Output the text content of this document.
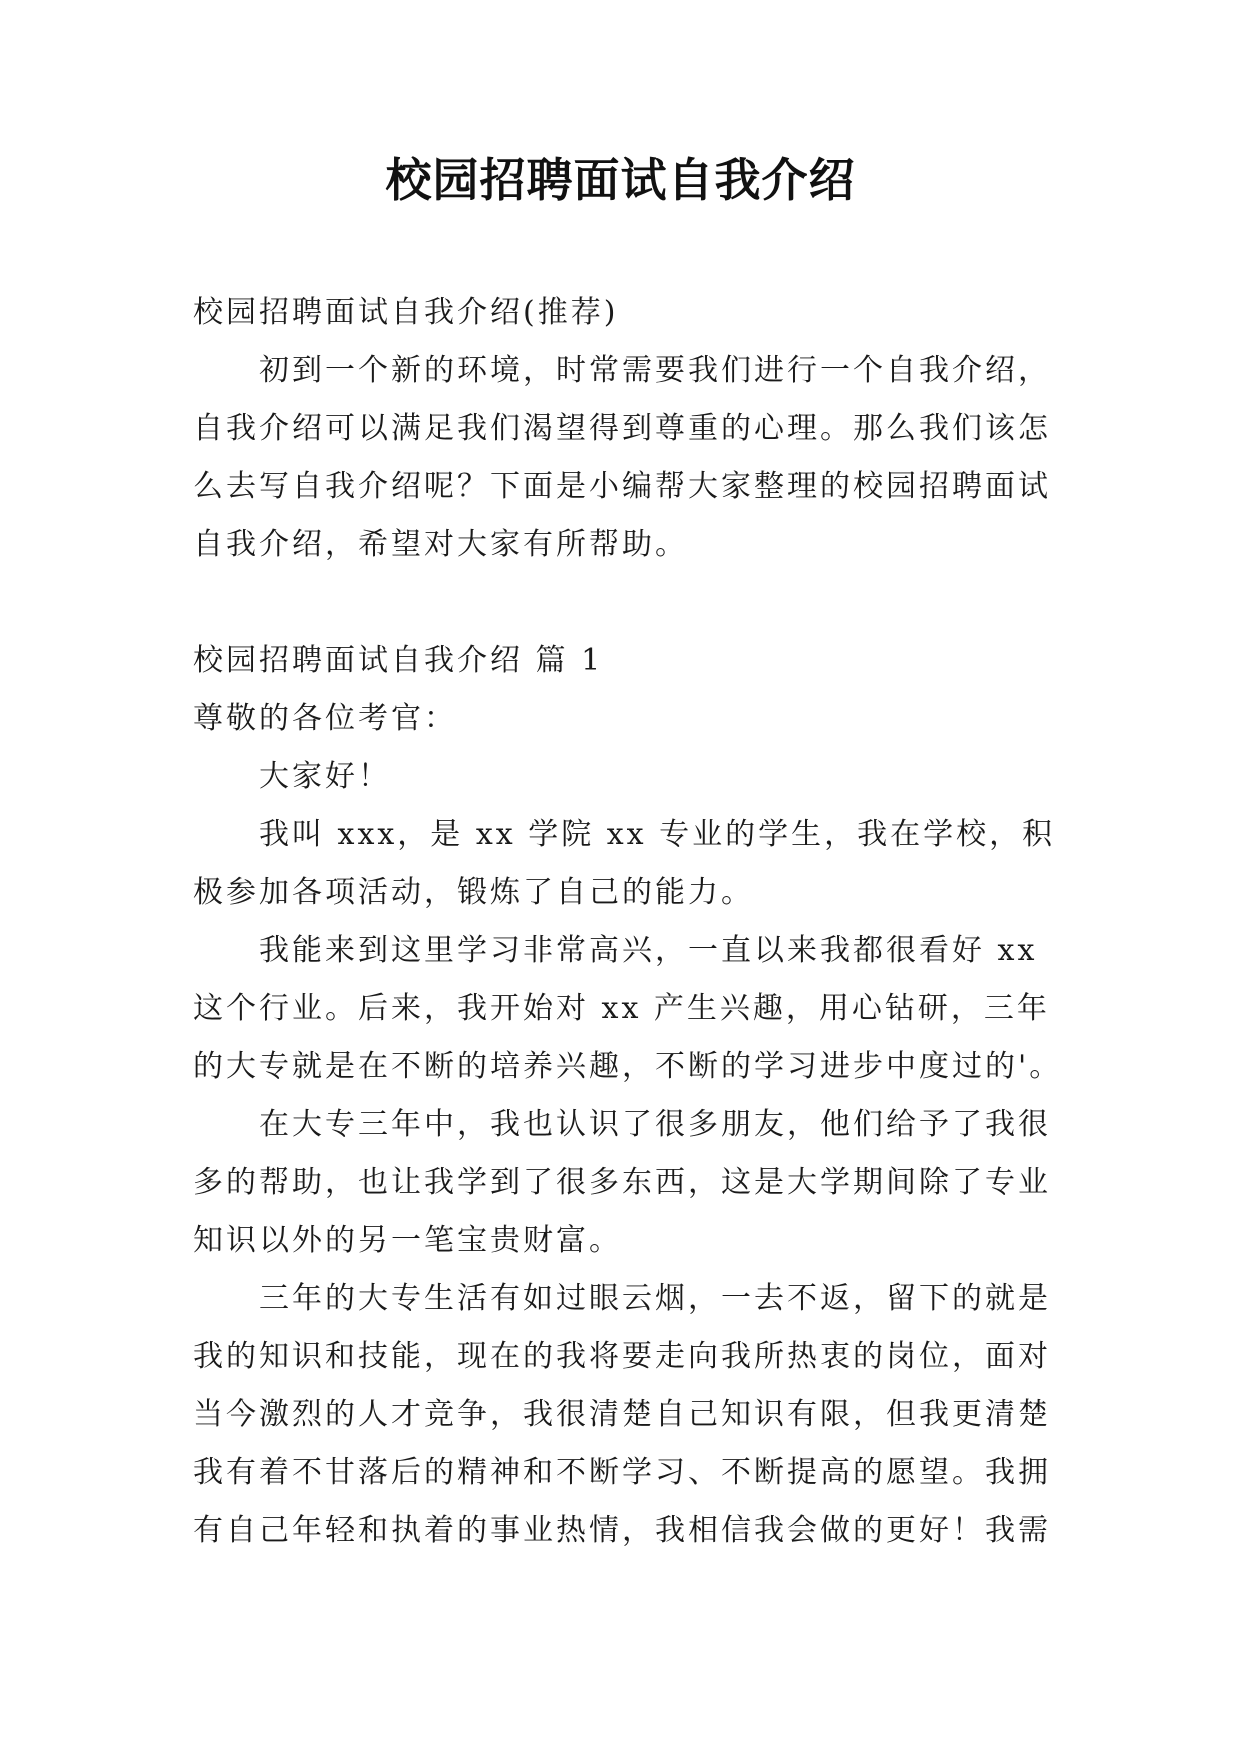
校园招聘面试自我介绍

校园招聘面试自我介绍(推荐)

初到一个新的环境，时常需要我们进行一个自我介绍，自我介绍可以满足我们渴望得到尊重的心理。那么我们该怎么去写自我介绍呢？下面是小编帮大家整理的校园招聘面试自我介绍，希望对大家有所帮助。

校园招聘面试自我介绍 篇 1

尊敬的各位考官：

大家好！

我叫 xxx，是 xx 学院 xx 专业的学生，我在学校，积极参加各项活动，锻炼了自己的能力。

我能来到这里学习非常高兴，一直以来我都很看好 xx 这个行业。后来，我开始对 xx 产生兴趣，用心钻研，三年的大专就是在不断的培养兴趣，不断的学习进步中度过的'。

在大专三年中，我也认识了很多朋友，他们给予了我很多的帮助，也让我学到了很多东西，这是大学期间除了专业知识以外的另一笔宝贵财富。

三年的大专生活有如过眼云烟，一去不返，留下的就是我的知识和技能，现在的我将要走向我所热衷的岗位，面对当今激烈的人才竞争，我很清楚自己知识有限，但我更清楚我有着不甘落后的精神和不断学习、不断提高的愿望。我拥有自己年轻和执着的事业热情，我相信我会做的更好！我需
